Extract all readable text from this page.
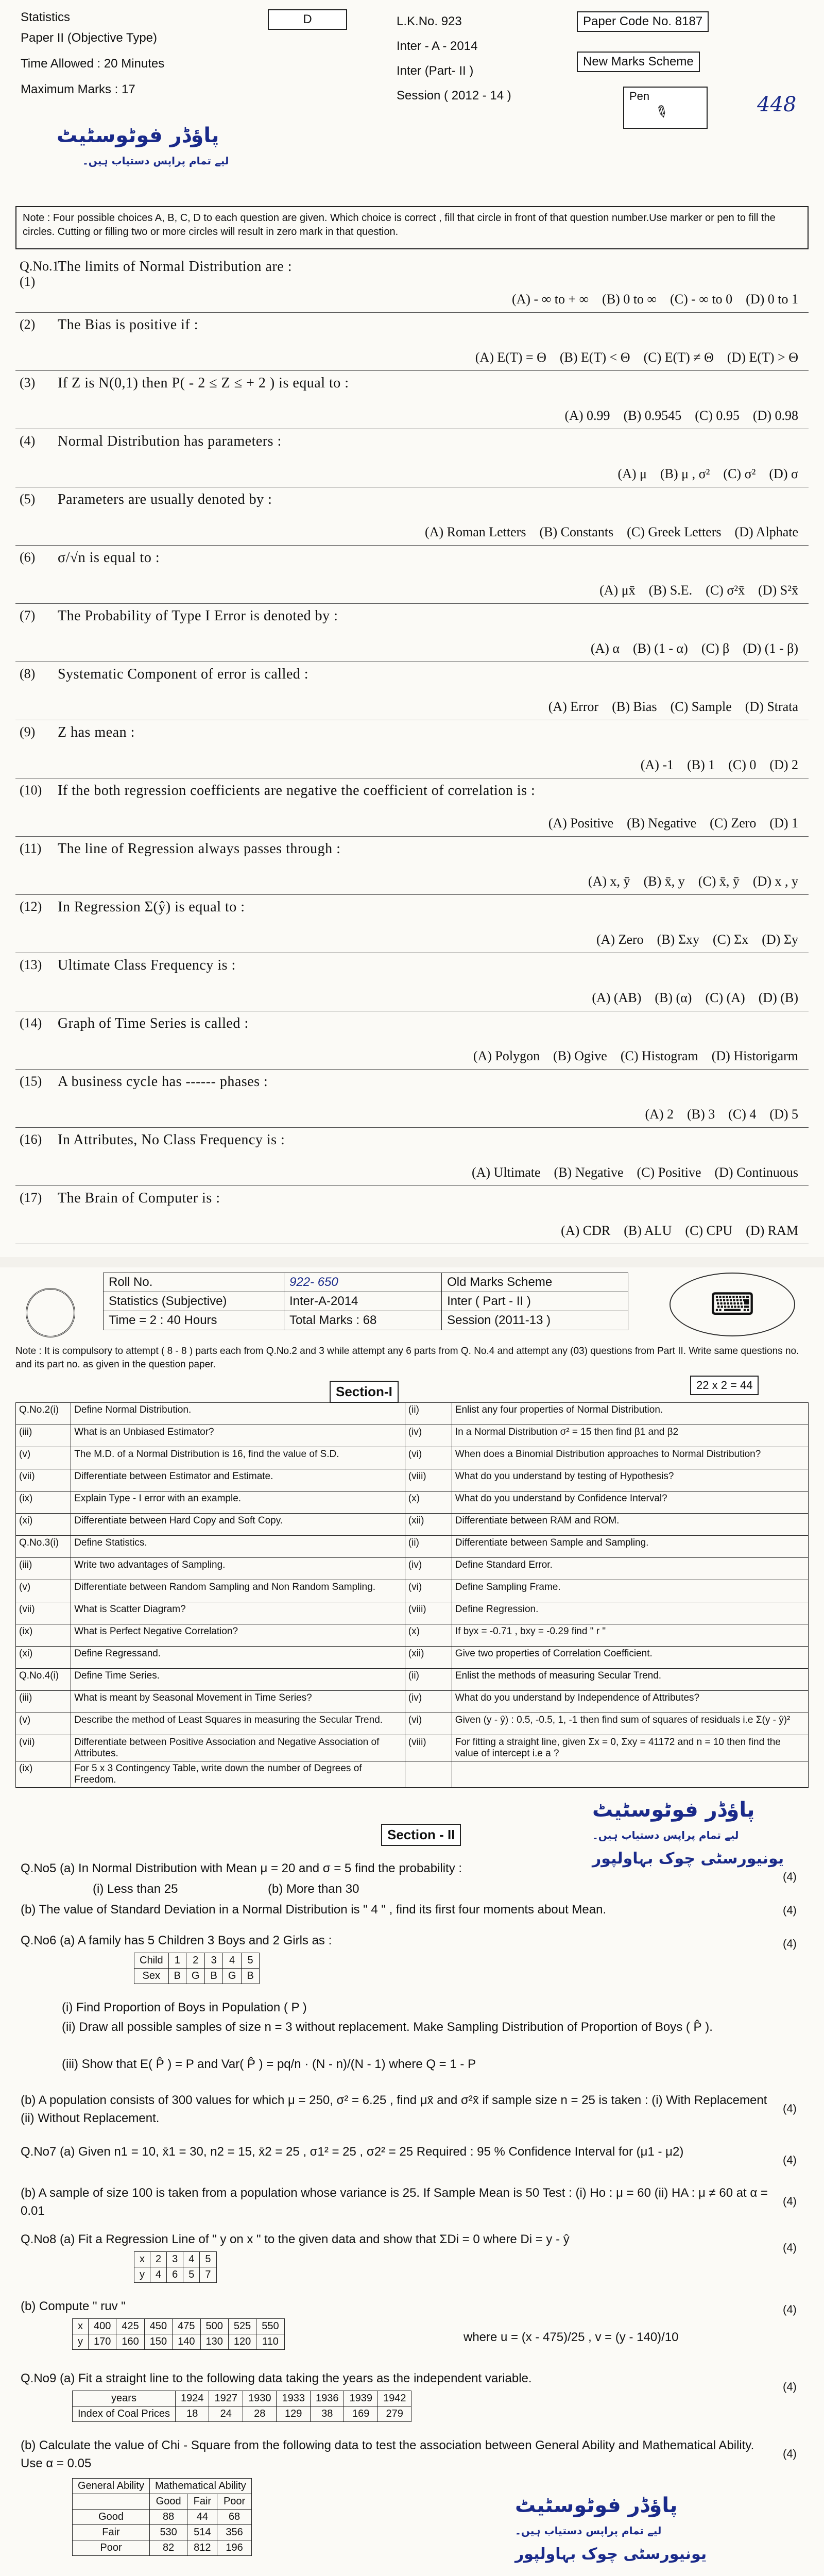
Statistics
Paper II (Objective Type)
Time Allowed : 20 Minutes
Maximum Marks : 17
D	L.K.No. 923
Inter - A - 2014
Inter (Part- II )
Session ( 2012 - 14 )
Paper Code No. 8187
New Marks Scheme
Pen
✎	448
پاؤڈر فوٹوسٹیٹ
لیے تمام پراپس دستیاب ہیں۔
Note : Four possible choices A, B, C, D to each question are given. Which choice is correct , fill that circle in front of that question number.Use marker or pen to fill the circles. Cutting or filling two or more circles will result in zero mark in that question.
Q.No.1
(1)
The limits of Normal Distribution are :
(A) - ∞ to + ∞ (B) 0 to ∞ (C) - ∞ to 0 (D) 0 to 1
(2) The Bias is positive if :
(A) E(T) = Θ (B) E(T) < Θ (C) E(T) ≠ Θ (D) E(T) > Θ
(3) If Z is N(0,1) then P( - 2 ≤ Z ≤ + 2 ) is equal to :
(A) 0.99 (B) 0.9545 (C) 0.95 (D) 0.98
(4) Normal Distribution has parameters :
(A) μ (B) μ , σ² (C) σ² (D) σ
(5) Parameters are usually denoted by :
(A) Roman Letters (B) Constants (C) Greek Letters (D) Alphate
(6) σ/√n is equal to :
(A) μx̄ (B) S.E. (C) σ²x̄ (D) S²x̄
(7) The Probability of Type I Error is denoted by :
(A) α (B) (1 - α) (C) β (D) (1 - β)
(8) Systematic Component of error is called :
(A) Error (B) Bias (C) Sample (D) Strata
(9) Z has mean :
(A) -1 (B) 1 (C) 0 (D) 2
(10) If the both regression coefficients are negative the coefficient of correlation is :
(A) Positive (B) Negative (C) Zero (D) 1
(11) The line of Regression always passes through :
(A) x, ȳ (B) x̄, y (C) x̄, ȳ (D) x , y
(12) In Regression Σ(ŷ) is equal to :
(A) Zero (B) Σxy (C) Σx (D) Σy
(13) Ultimate Class Frequency is :
(A) (AB) (B) (α) (C) (A) (D) (B)
(14) Graph of Time Series is called :
(A) Polygon (B) Ogive (C) Histogram (D) Historigarm
(15) A business cycle has ------ phases :
(A) 2 (B) 3 (C) 4 (D) 5
(16) In Attributes, No Class Frequency is :
(A) Ultimate (B) Negative (C) Positive (D) Continuous
(17) The Brain of Computer is :
(A) CDR (B) ALU (C) CPU (D) RAM
Roll No.	922- 650	Old Marks Scheme
Statistics (Subjective)	Inter-A-2014	Inter ( Part - II )
Time = 2 : 40 Hours	Total Marks : 68	Session (2011-13 )	⌨
Note : It is compulsory to attempt ( 8 - 8 ) parts each from Q.No.2 and 3 while attempt any 6 parts from Q. No.4 and attempt any (03) questions from Part II. Write same questions no. and its part no. as given in the question paper.
22 x 2 = 44
Section-I
Q.No.2(i)	Define Normal Distribution.	(ii)	Enlist any four properties of Normal Distribution.
(iii)	What is an Unbiased Estimator?	(iv)	In a Normal Distribution σ² = 15 then find β1 and β2
(v)	The M.D. of a Normal Distribution is 16, find the value of S.D.	(vi)	When does a Binomial Distribution approaches to Normal Distribution?
(vii)	Differentiate between Estimator and Estimate.	(viii)	What do you understand by testing of Hypothesis?
(ix)	Explain Type - I error with an example.	(x)	What do you understand by Confidence Interval?
(xi)	Differentiate between Hard Copy and Soft Copy.	(xii)	Differentiate between RAM and ROM.
Q.No.3(i)	Define Statistics.	(ii)	Differentiate between Sample and Sampling.
(iii)	Write two advantages of Sampling.	(iv)	Define Standard Error.
(v)	Differentiate between Random Sampling and Non Random Sampling.	(vi)	Define Sampling Frame.
(vii)	What is Scatter Diagram?	(viii)	Define Regression.
(ix)	What is Perfect Negative Correlation?	(x)	If byx = -0.71 , bxy = -0.29 find " r "
(xi)	Define Regressand.	(xii)	Give two properties of Correlation Coefficient.
Q.No.4(i)	Define Time Series.	(ii)	Enlist the methods of measuring Secular Trend.
(iii)	What is meant by Seasonal Movement in Time Series?	(iv)	What do you understand by Independence of Attributes?
(v)	Describe the method of Least Squares in measuring the Secular Trend.	(vi)	Given (y - ŷ) : 0.5, -0.5, 1, -1 then find sum of squares of residuals i.e Σ(y - ŷ)²
(vii)	Differentiate between Positive Association and Negative Association of Attributes.	(viii)	For fitting a straight line, given Σx = 0, Σxy = 41172 and n = 10 then find the value of intercept i.e a ?
(ix)	For 5 x 3 Contingency Table, write down the number of Degrees of Freedom.		
Section - II
پاؤڈر فوٹوسٹیٹ
لیے تمام پراپس دستیاب ہیں۔
یونیورسٹی چوک بہاولپور
Q.No5 (a) In Normal Distribution with Mean μ = 20 and σ = 5 find the probability :
(i) Less than 25	(b) More than 30
(b) The value of Standard Deviation in a Normal Distribution is " 4 " , find its first four moments about Mean.
Q.No6 (a) A family has 5 Children 3 Boys and 2 Girls as :
Child	1	2	3	4	5
Sex	B	G	B	G	B
(i) Find Proportion of Boys in Population ( P )
(ii) Draw all possible samples of size n = 3 without replacement. Make Sampling Distribution of Proportion of Boys ( P̂ ).
(iii) Show that E( P̂ ) = P and Var( P̂ ) = pq/n · (N - n)/(N - 1) where Q = 1 - P
(b) A population consists of 300 values for which μ = 250, σ² = 6.25 , find μx̄ and σ²x̄ if sample size n = 25 is taken : (i) With Replacement (ii) Without Replacement.
Q.No7 (a) Given n1 = 10, x̄1 = 30, n2 = 15, x̄2 = 25 , σ1² = 25 , σ2² = 25 Required : 95 % Confidence Interval for (μ1 - μ2)
(b) A sample of size 100 is taken from a population whose variance is 25. If Sample Mean is 50 Test : (i) Ho : μ = 60 (ii) HA : μ ≠ 60 at α = 0.01
Q.No8 (a) Fit a Regression Line of " y on x " to the given data and show that ΣDi = 0 where Di = y - ŷ
x	2	3	4	5
y	4	6	5	7
(b) Compute " ruv "
x	400	425	450	475	500	525	550
y	170	160	150	140	130	120	110	where u = (x - 475)/25 , v = (y - 140)/10
Q.No9 (a) Fit a straight line to the following data taking the years as the independent variable.
years	1924	1927	1930	1933	1936	1939	1942
Index of Coal Prices	18	24	28	129	38	169	279
(b) Calculate the value of Chi - Square from the following data to test the association between General Ability and Mathematical Ability. Use α = 0.05
General Ability	Mathematical Ability		
	Good	Fair	Poor
Good	88	44	68
Fair	530	514	356
Poor	82	812	196
پاؤڈر فوٹوسٹیٹ
لیے تمام پراپس دستیاب ہیں۔
یونیورسٹی چوک بہاولپور
(4)
(4)
(4)
(4)
(4)
(4)
(4)
(4)
(4)
(4)
